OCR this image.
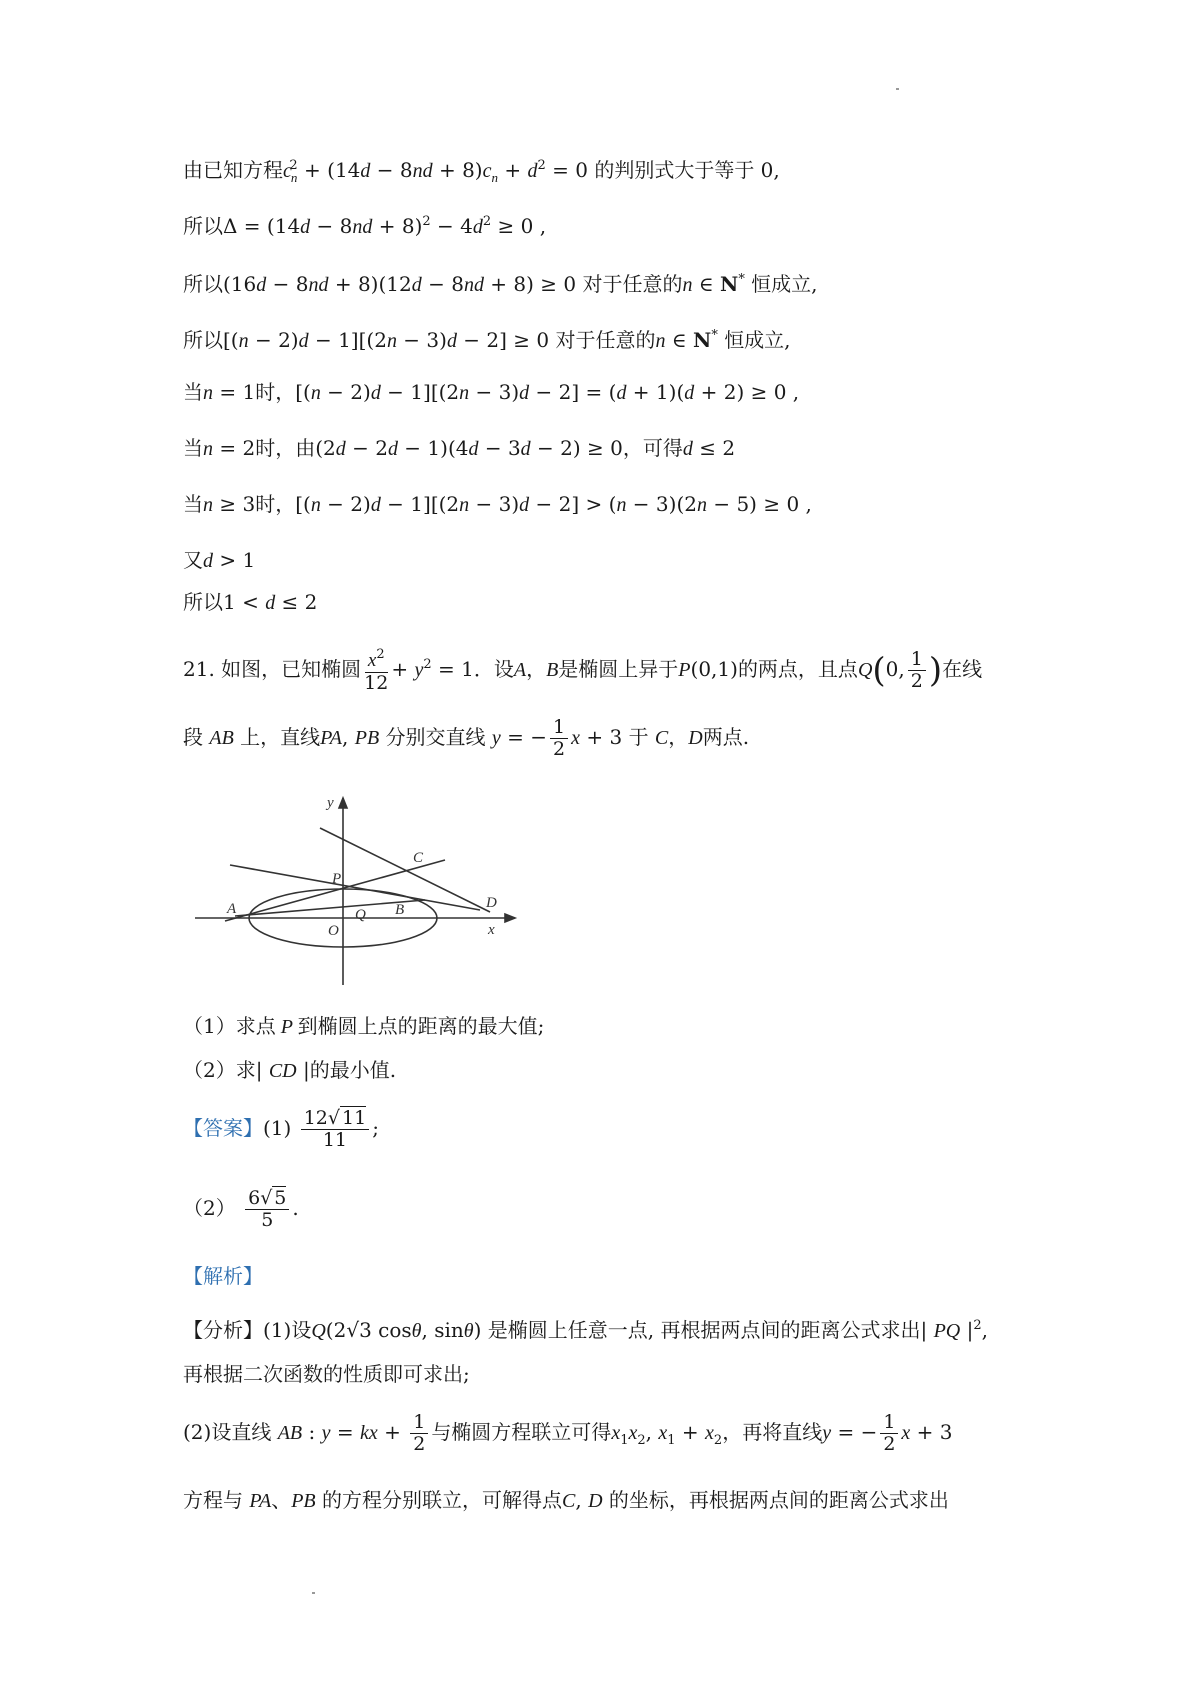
由已知方程$c_n^2 + (14d - 8nd + 8)c_n + d^2 = 0$ 的判别式大于等于 0,
所以$\Delta = (14d - 8nd + 8)^2 - 4d^2 \ge 0$ ,
所以(16d − 8nd + 8)(12d − 8nd + 8) ≥ 0 对于任意的n ∈ N* 恒成立,
所以[(n − 2)d − 1][(2n − 3)d − 2] ≥ 0 对于任意的n ∈ N* 恒成立,
当n = 1时，[(n − 2)d − 1][(2n − 3)d − 2] = (d + 1)(d + 2) ≥ 0 ,
当n = 2时，由(2d − 2d − 1)(4d − 3d − 2) ≥ 0，可得d ≤ 2
当n ≥ 3时，[(n − 2)d − 1][(2n − 3)d − 2] > (n − 3)(2n − 5) ≥ 0 ,
又d > 1
所以1 < d ≤ 2
21. 如图，已知椭圆 $\frac{x^2}{12} + y^2 = 1$．设A，B是椭圆上异于P(0,1)的两点，且点Q(0, $\frac{1}{2}$ )在线
段 AB 上，直线PA, PB 分别交直线 y = − $\frac{1}{2}$ x + 3 于 C，D两点.
y
x
O
P
Q
A	B
C
D
（1）求点 P 到椭圆上点的距离的最大值;
（2）求| CD |的最小值.
【答案】$(1) \frac{12√ 11}{11}$ ;
$(2) \frac{6√ 5}{5}$ .
【解析】
【分析】(1)设Q(2√3 cosθ, sinθ) 是椭圆上任意一点, 再根据两点间的距离公式求出| PQ $|^2$,
再根据二次函数的性质即可求出;
(2)设直线 AB : y = kx + $\frac{1}{2}$ 与椭圆方程联立可得$x_1x_2$, $x_1 + x_2$，再将直线y = − $\frac{1}{2}$ x + 3
方程与 PA、PB 的方程分别联立，可解得点C, D 的坐标，再根据两点间的距离公式求出
